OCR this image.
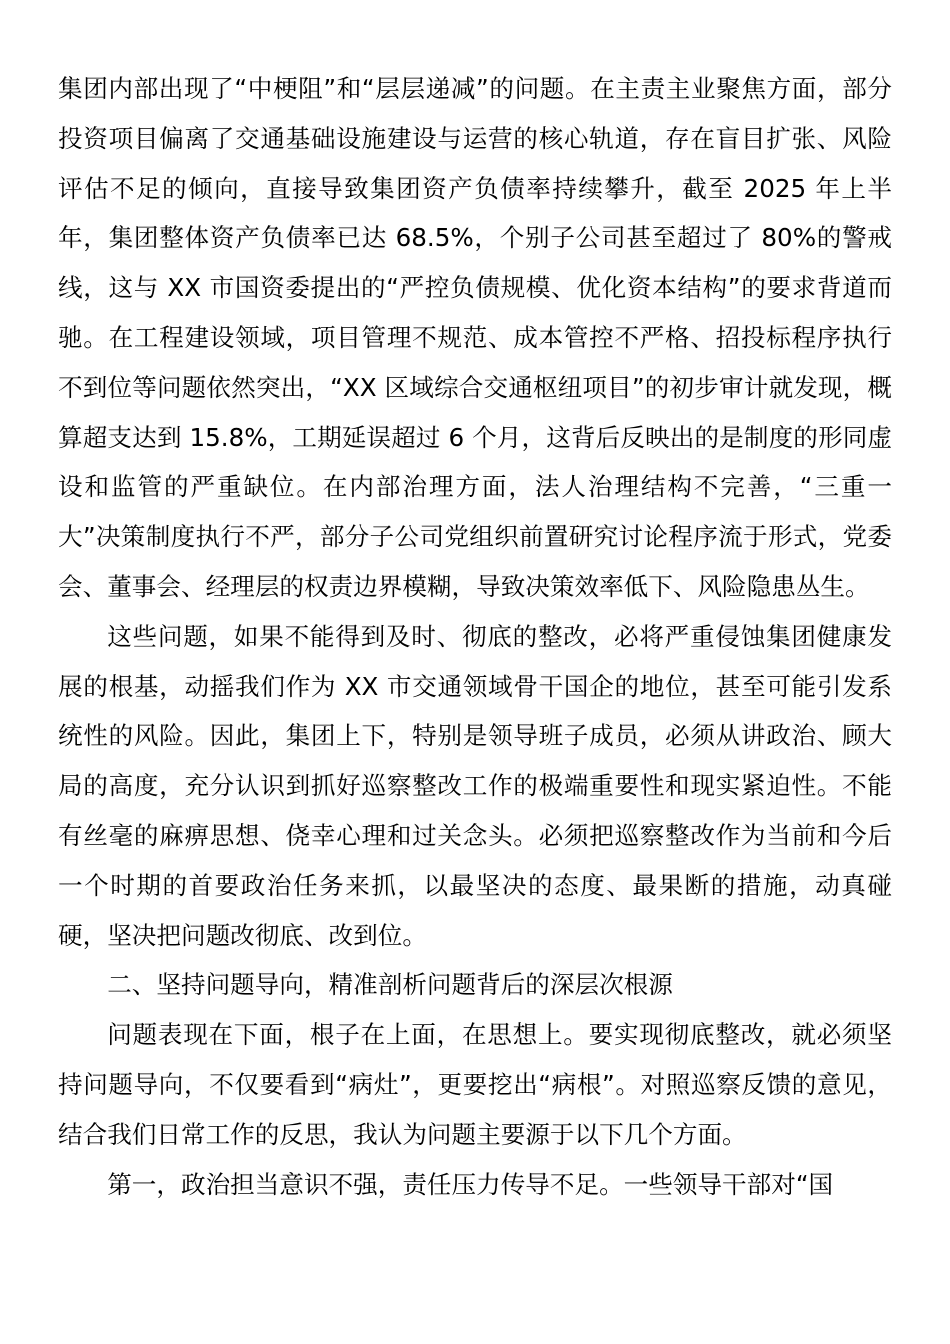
集团内部出现了“中梗阻”和“层层递减”的问题。在主责主业聚焦方面，部分投资项目偏离了交通基础设施建设与运营的核心轨道，存在盲目扩张、风险评估不足的倾向，直接导致集团资产负债率持续攀升，截至 2025 年上半年，集团整体资产负债率已达 68.5%，个别子公司甚至超过了 80%的警戒线，这与 XX 市国资委提出的“严控负债规模、优化资本结构”的要求背道而驰。在工程建设领域，项目管理不规范、成本管控不严格、招投标程序执行不到位等问题依然突出，“XX 区域综合交通枢纽项目”的初步审计就发现，概算超支达到 15.8%，工期延误超过 6 个月，这背后反映出的是制度的形同虚设和监管的严重缺位。在内部治理方面，法人治理结构不完善，“三重一大”决策制度执行不严，部分子公司党组织前置研究讨论程序流于形式，党委会、董事会、经理层的权责边界模糊，导致决策效率低下、风险隐患丛生。

这些问题，如果不能得到及时、彻底的整改，必将严重侵蚀集团健康发展的根基，动摇我们作为 XX 市交通领域骨干国企的地位，甚至可能引发系统性的风险。因此，集团上下，特别是领导班子成员，必须从讲政治、顾大局的高度，充分认识到抓好巡察整改工作的极端重要性和现实紧迫性。不能有丝毫的麻痹思想、侥幸心理和过关念头。必须把巡察整改作为当前和今后一个时期的首要政治任务来抓，以最坚决的态度、最果断的措施，动真碰硬，坚决把问题改彻底、改到位。

二、坚持问题导向，精准剖析问题背后的深层次根源

问题表现在下面，根子在上面，在思想上。要实现彻底整改，就必须坚持问题导向，不仅要看到“病灶”，更要挖出“病根”。对照巡察反馈的意见，结合我们日常工作的反思，我认为问题主要源于以下几个方面。

第一，政治担当意识不强，责任压力传导不足。一些领导干部对“国
